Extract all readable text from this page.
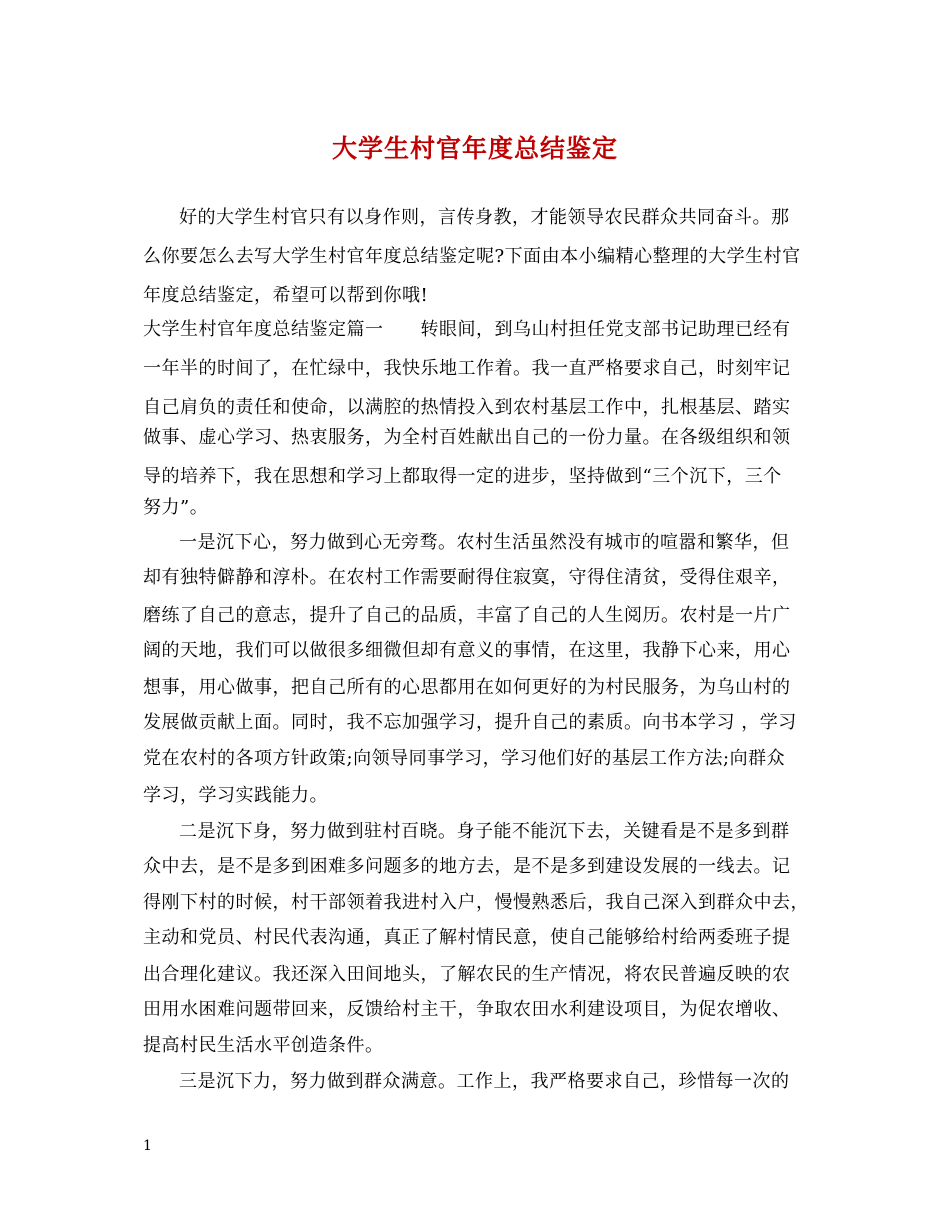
大学生村官年度总结鉴定
好的大学生村官只有以身作则，言传身教，才能领导农民群众共同奋斗。那
么你要怎么去写大学生村官年度总结鉴定呢?下面由本小编精心整理的大学生村官
年度总结鉴定，希望可以帮到你哦!
大学生村官年度总结鉴定篇一　　转眼间，到乌山村担任党支部书记助理已经有
一年半的时间了，在忙绿中，我快乐地工作着。我一直严格要求自己，时刻牢记
自己肩负的责任和使命，以满腔的热情投入到农村基层工作中，扎根基层、踏实
做事、虚心学习、热衷服务，为全村百姓献出自己的一份力量。在各级组织和领
导的培养下，我在思想和学习上都取得一定的进步，坚持做到“三个沉下，三个
努力”。
一是沉下心，努力做到心无旁骛。农村生活虽然没有城市的喧嚣和繁华，但
却有独特僻静和淳朴。在农村工作需要耐得住寂寞，守得住清贫，受得住艰辛，
磨练了自己的意志，提升了自己的品质，丰富了自己的人生阅历。农村是一片广
阔的天地，我们可以做很多细微但却有意义的事情，在这里，我静下心来，用心
想事，用心做事，把自己所有的心思都用在如何更好的为村民服务，为乌山村的
发展做贡献上面。同时，我不忘加强学习，提升自己的素质。向书本学习 ，学习
党在农村的各项方针政策;向领导同事学习，学习他们好的基层工作方法;向群众
学习，学习实践能力。
二是沉下身，努力做到驻村百晓。身子能不能沉下去，关键看是不是多到群
众中去，是不是多到困难多问题多的地方去，是不是多到建设发展的一线去。记
得刚下村的时候，村干部领着我进村入户，慢慢熟悉后，我自己深入到群众中去，
主动和党员、村民代表沟通，真正了解村情民意，使自己能够给村给两委班子提
出合理化建议。我还深入田间地头，了解农民的生产情况，将农民普遍反映的农
田用水困难问题带回来，反馈给村主干，争取农田水利建设项目，为促农增收、
提高村民生活水平创造条件。
三是沉下力，努力做到群众满意。工作上，我严格要求自己，珍惜每一次的
1
